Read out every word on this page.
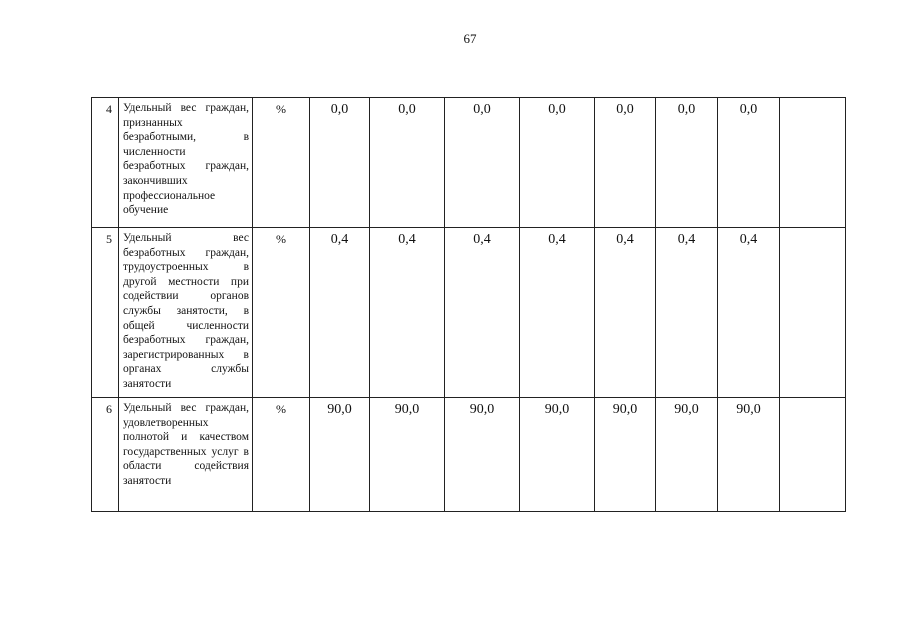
67
4	Удельный вес граждан, признанных безработными, в численности безработных граждан, закончивших профессиональное обучение	%	0,0	0,0	0,0	0,0	0,0	0,0	0,0	
5	Удельный вес безработных граждан, трудоустроенных в другой местности при содействии органов службы занятости, в общей численности безработных граждан, зарегистрированных в органах службы занятости	%	0,4	0,4	0,4	0,4	0,4	0,4	0,4	
6	Удельный вес граждан, удовлетворенных полнотой и качеством государственных услуг в области содействия занятости	%	90,0	90,0	90,0	90,0	90,0	90,0	90,0	
